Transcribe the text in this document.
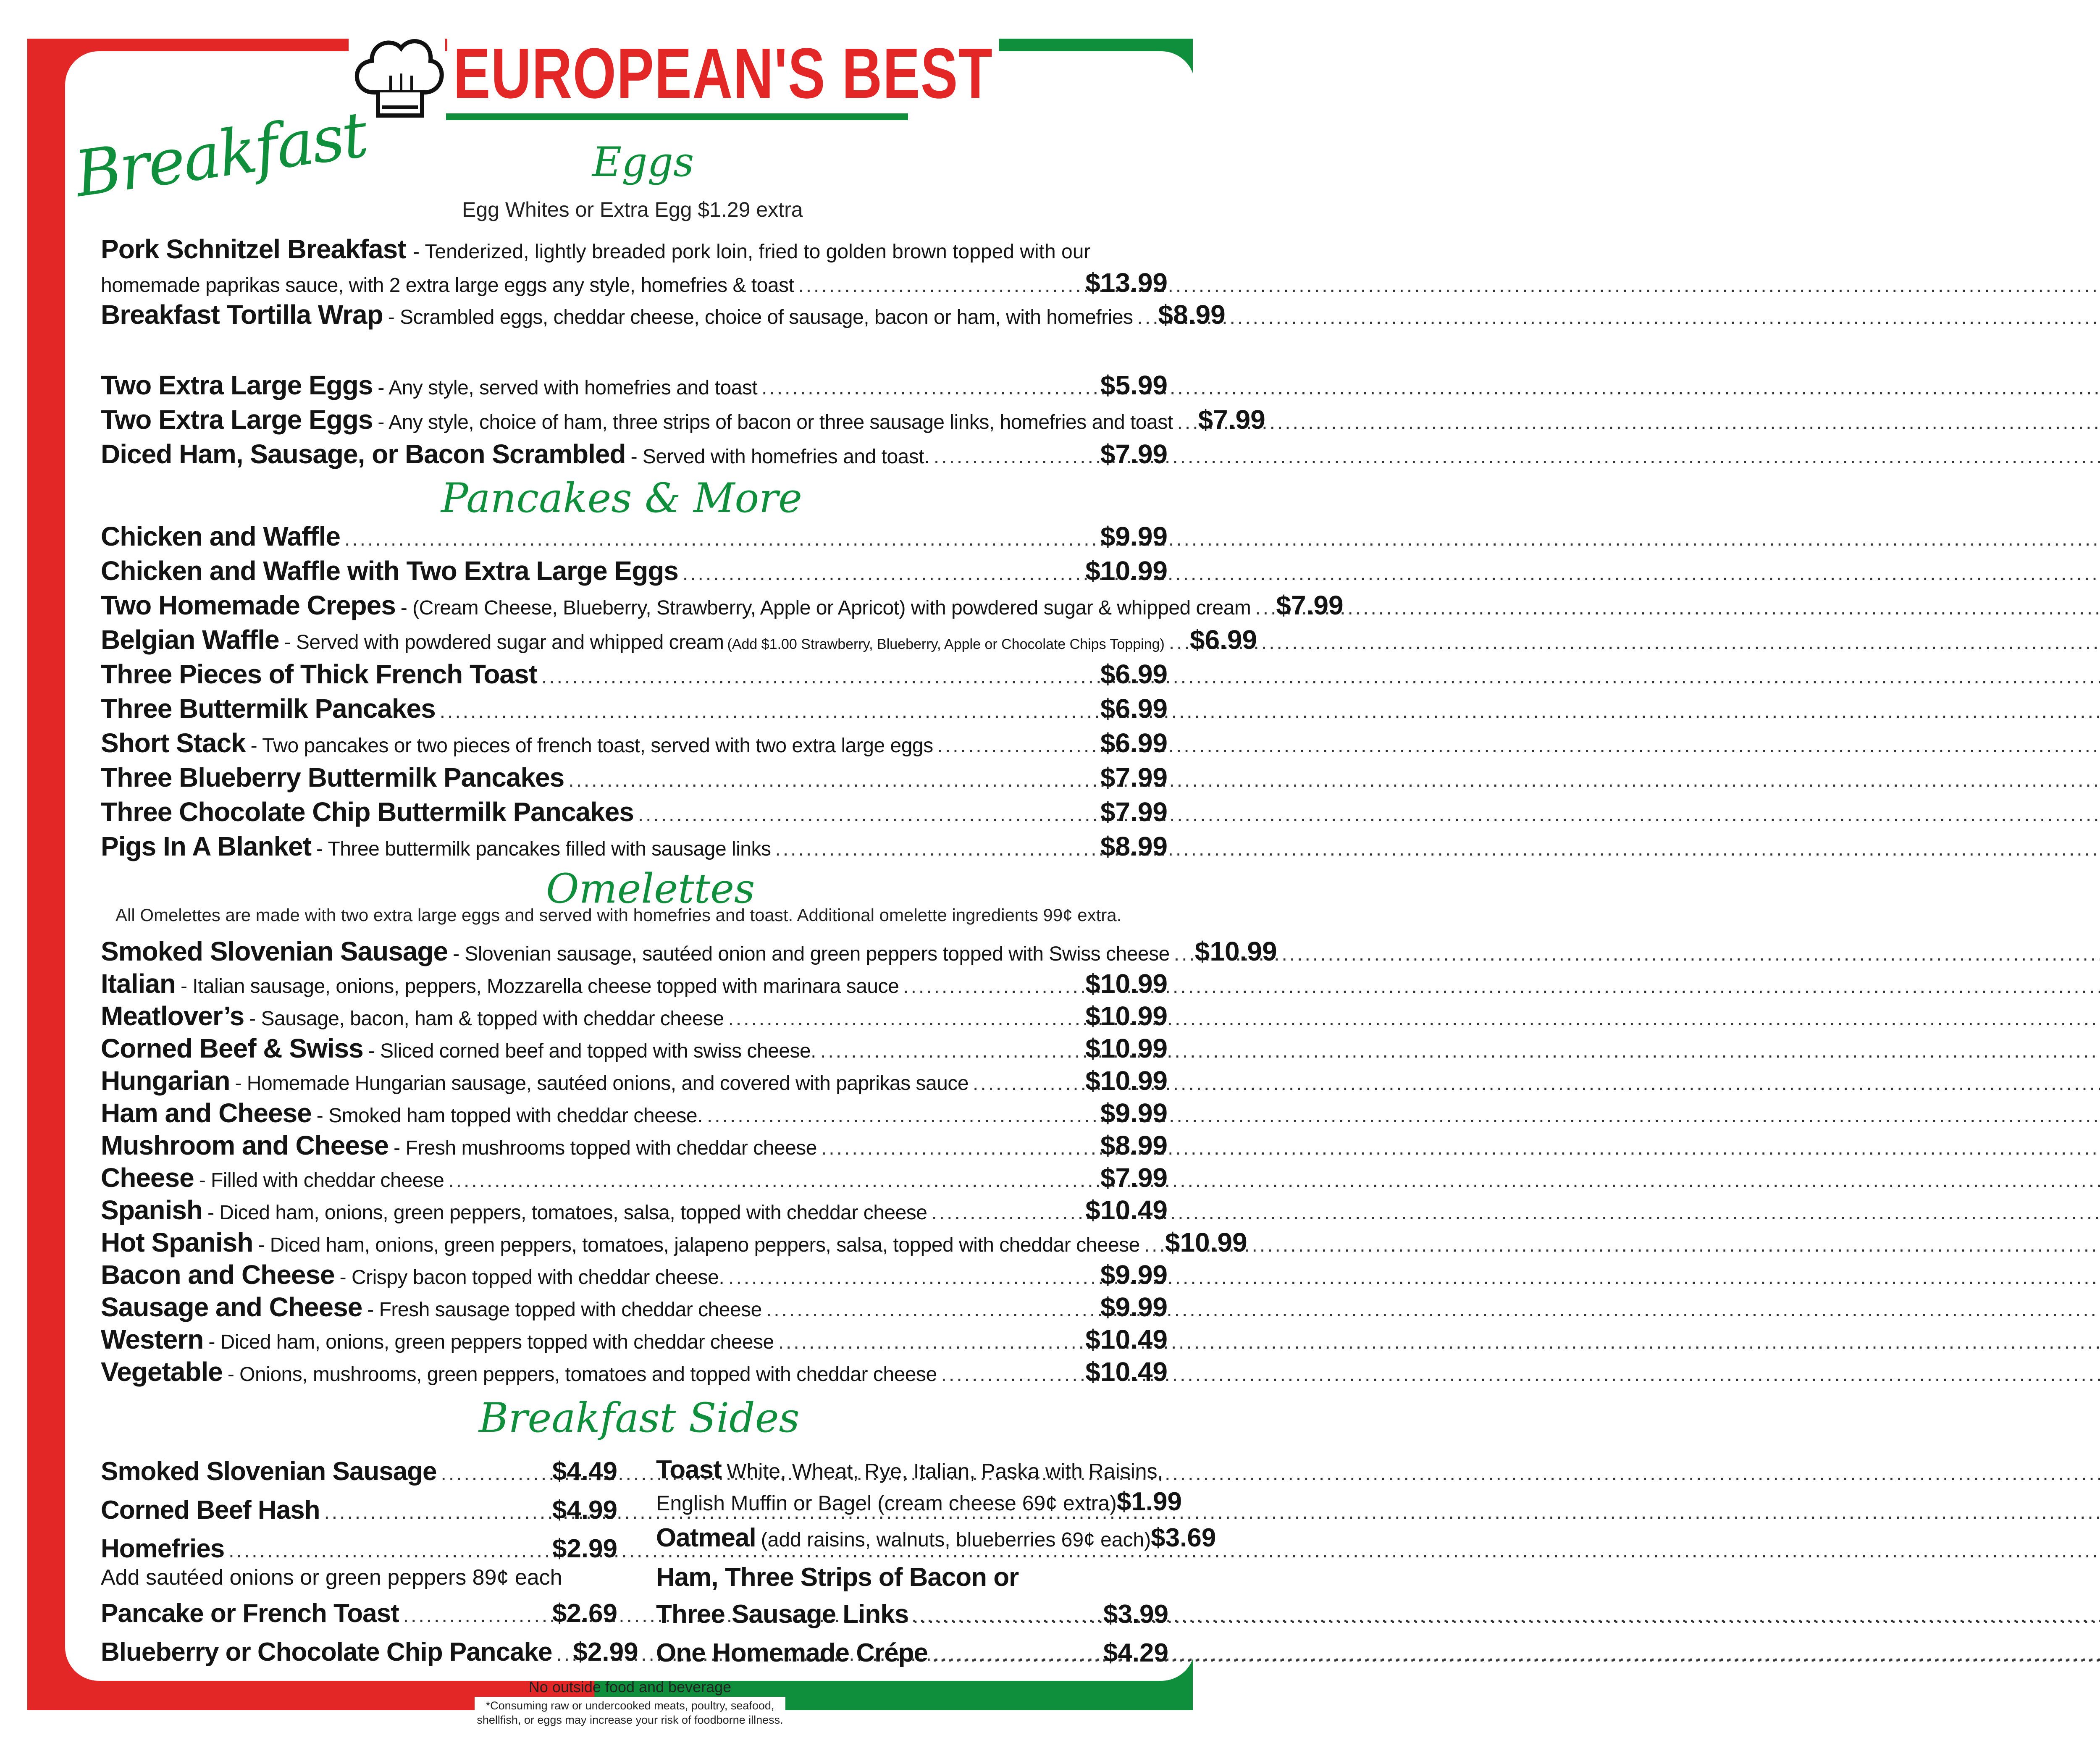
EUROPEAN'S BEST
Breakfast	Eggs
Egg Whites or Extra Egg $1.29 extra
Pork Schnitzel Breakfast - Tenderized, lightly breaded pork loin, fried to golden brown topped with our
homemade paprikas sauce, with 2 extra large eggs any style, homefries & toast .....	$13.99
Breakfast Tortilla Wrap - Scrambled eggs, cheddar cheese, choice of sausage, bacon or ham, with homefries ..... $8.99
Two Extra Large Eggs - Any style, served with homefries and toast .....	$5.99
Two Extra Large Eggs - Any style, choice of ham, three strips of bacon or three sausage links, homefries and toast ..... $7.99
Diced Ham, Sausage, or Bacon Scrambled - Served with homefries and toast. .....	$7.99
Pancakes & More
Chicken and Waffle .....	$9.99
Chicken and Waffle with Two Extra Large Eggs .....	$10.99
Two Homemade Crepes - (Cream Cheese, Blueberry, Strawberry, Apple or Apricot) with powdered sugar & whipped cream ..... $7.99
Belgian Waffle - Served with powdered sugar and whipped cream (Add $1.00 Strawberry, Blueberry, Apple or Chocolate Chips Topping) ..... $6.99
Three Pieces of Thick French Toast .....	$6.99
Three Buttermilk Pancakes .....	$6.99
Short Stack - Two pancakes or two pieces of french toast, served with two extra large eggs .....	$6.99
Three Blueberry Buttermilk Pancakes .....	$7.99
Three Chocolate Chip Buttermilk Pancakes .....	$7.99
Pigs In A Blanket - Three buttermilk pancakes filled with sausage links .....	$8.99
Omelettes
All Omelettes are made with two extra large eggs and served with homefries and toast. Additional omelette ingredients 99¢ extra.
Smoked Slovenian Sausage - Slovenian sausage, sautéed onion and green peppers topped with Swiss cheese ..... $10.99
Italian - Italian sausage, onions, peppers, Mozzarella cheese topped with marinara sauce .....	$10.99
Meatlover’s - Sausage, bacon, ham & topped with cheddar cheese .....	$10.99
Corned Beef & Swiss - Sliced corned beef and topped with swiss cheese. .....	$10.99
Hungarian - Homemade Hungarian sausage, sautéed onions, and covered with paprikas sauce .....	$10.99
Ham and Cheese - Smoked ham topped with cheddar cheese. .....	$9.99
Mushroom and Cheese - Fresh mushrooms topped with cheddar cheese .....	$8.99
Cheese - Filled with cheddar cheese .....	$7.99
Spanish - Diced ham, onions, green peppers, tomatoes, salsa, topped with cheddar cheese .....	$10.49
Hot Spanish - Diced ham, onions, green peppers, tomatoes, jalapeno peppers, salsa, topped with cheddar cheese ..... $10.99
Bacon and Cheese - Crispy bacon topped with cheddar cheese. .....	$9.99
Sausage and Cheese - Fresh sausage topped with cheddar cheese .....	$9.99
Western - Diced ham, onions, green peppers topped with cheddar cheese .....	$10.49
Vegetable - Onions, mushrooms, green peppers, tomatoes and topped with cheddar cheese .....	$10.49
Breakfast Sides
Smoked Slovenian Sausage .....	$4.49
Corned Beef Hash .....	$4.99
Homefries .....	$2.99
Add sautéed onions or green peppers 89¢ each
Pancake or French Toast .....	$2.69
Blueberry or Chocolate Chip Pancake ..... $2.99
Toast White, Wheat, Rye, Italian, Paska with Raisins,
English Muffin or Bagel (cream cheese 69¢ extra) $1.99
Oatmeal (add raisins, walnuts, blueberries 69¢ each) $3.69
Ham, Three Strips of Bacon or
Three Sausage Links .....	$3.99
One Homemade Crépe .....	$4.29
No outside food and beverage
*Consuming raw or undercooked meats, poultry, seafood, shellfish, or eggs may increase your risk of foodborne illness.
